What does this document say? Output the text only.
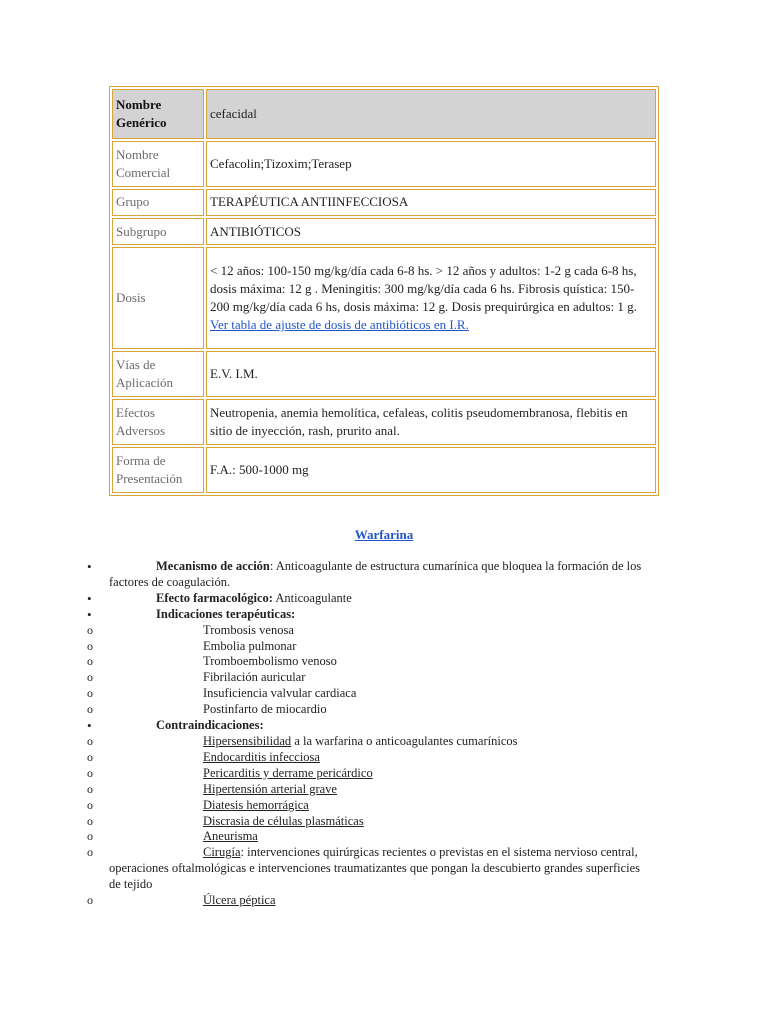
Nombre Genérico	cefacidal
Nombre Comercial	Cefacolin;Tizoxim;Terasep
Grupo	TERAPÉUTICA ANTIINFECCIOSA
Subgrupo	ANTIBIÓTICOS
Dosis	< 12 años: 100-150 mg/kg/día cada 6-8 hs. > 12 años y adultos: 1-2 g cada 6-8 hs, dosis máxima: 12 g . Meningitis: 300 mg/kg/día cada 6 hs. Fibrosis quística: 150-200 mg/kg/día cada 6 hs, dosis máxima: 12 g. Dosis prequirúrgica en adultos: 1 g. Ver tabla de ajuste de dosis de antibióticos en I.R.
Vías de Aplicación	E.V. I.M.
Efectos Adversos	Neutropenia, anemia hemolítica, cefaleas, colitis pseudomembranosa, flebitis en sitio de inyección, rash, prurito anal.
Forma de Presentación	F.A.: 500-1000 mg
Warfarina
•	Mecanismo de acción: Anticoagulante de estructura cumarínica que bloquea la formación de los factores de coagulación.
•	Efecto farmacológico: Anticoagulante
•	Indicaciones terapéuticas:
o	Trombosis venosa
o	Embolia pulmonar
o	Tromboembolismo venoso
o	Fibrilación auricular
o	Insuficiencia valvular cardiaca
o	Postinfarto de miocardio
•	Contraindicaciones:
o	Hipersensibilidad a la warfarina o anticoagulantes cumarínicos
o	Endocarditis infecciosa
o	Pericarditis y derrame pericárdico
o	Hipertensión arterial grave
o	Diatesis hemorrágica
o	Discrasia de células plasmáticas
o	Aneurisma
o	Cirugía: intervenciones quirúrgicas recientes o previstas en el sistema nervioso central, operaciones oftalmológicas e intervenciones traumatizantes que pongan la descubierto grandes superficies de tejido
o	Úlcera péptica
